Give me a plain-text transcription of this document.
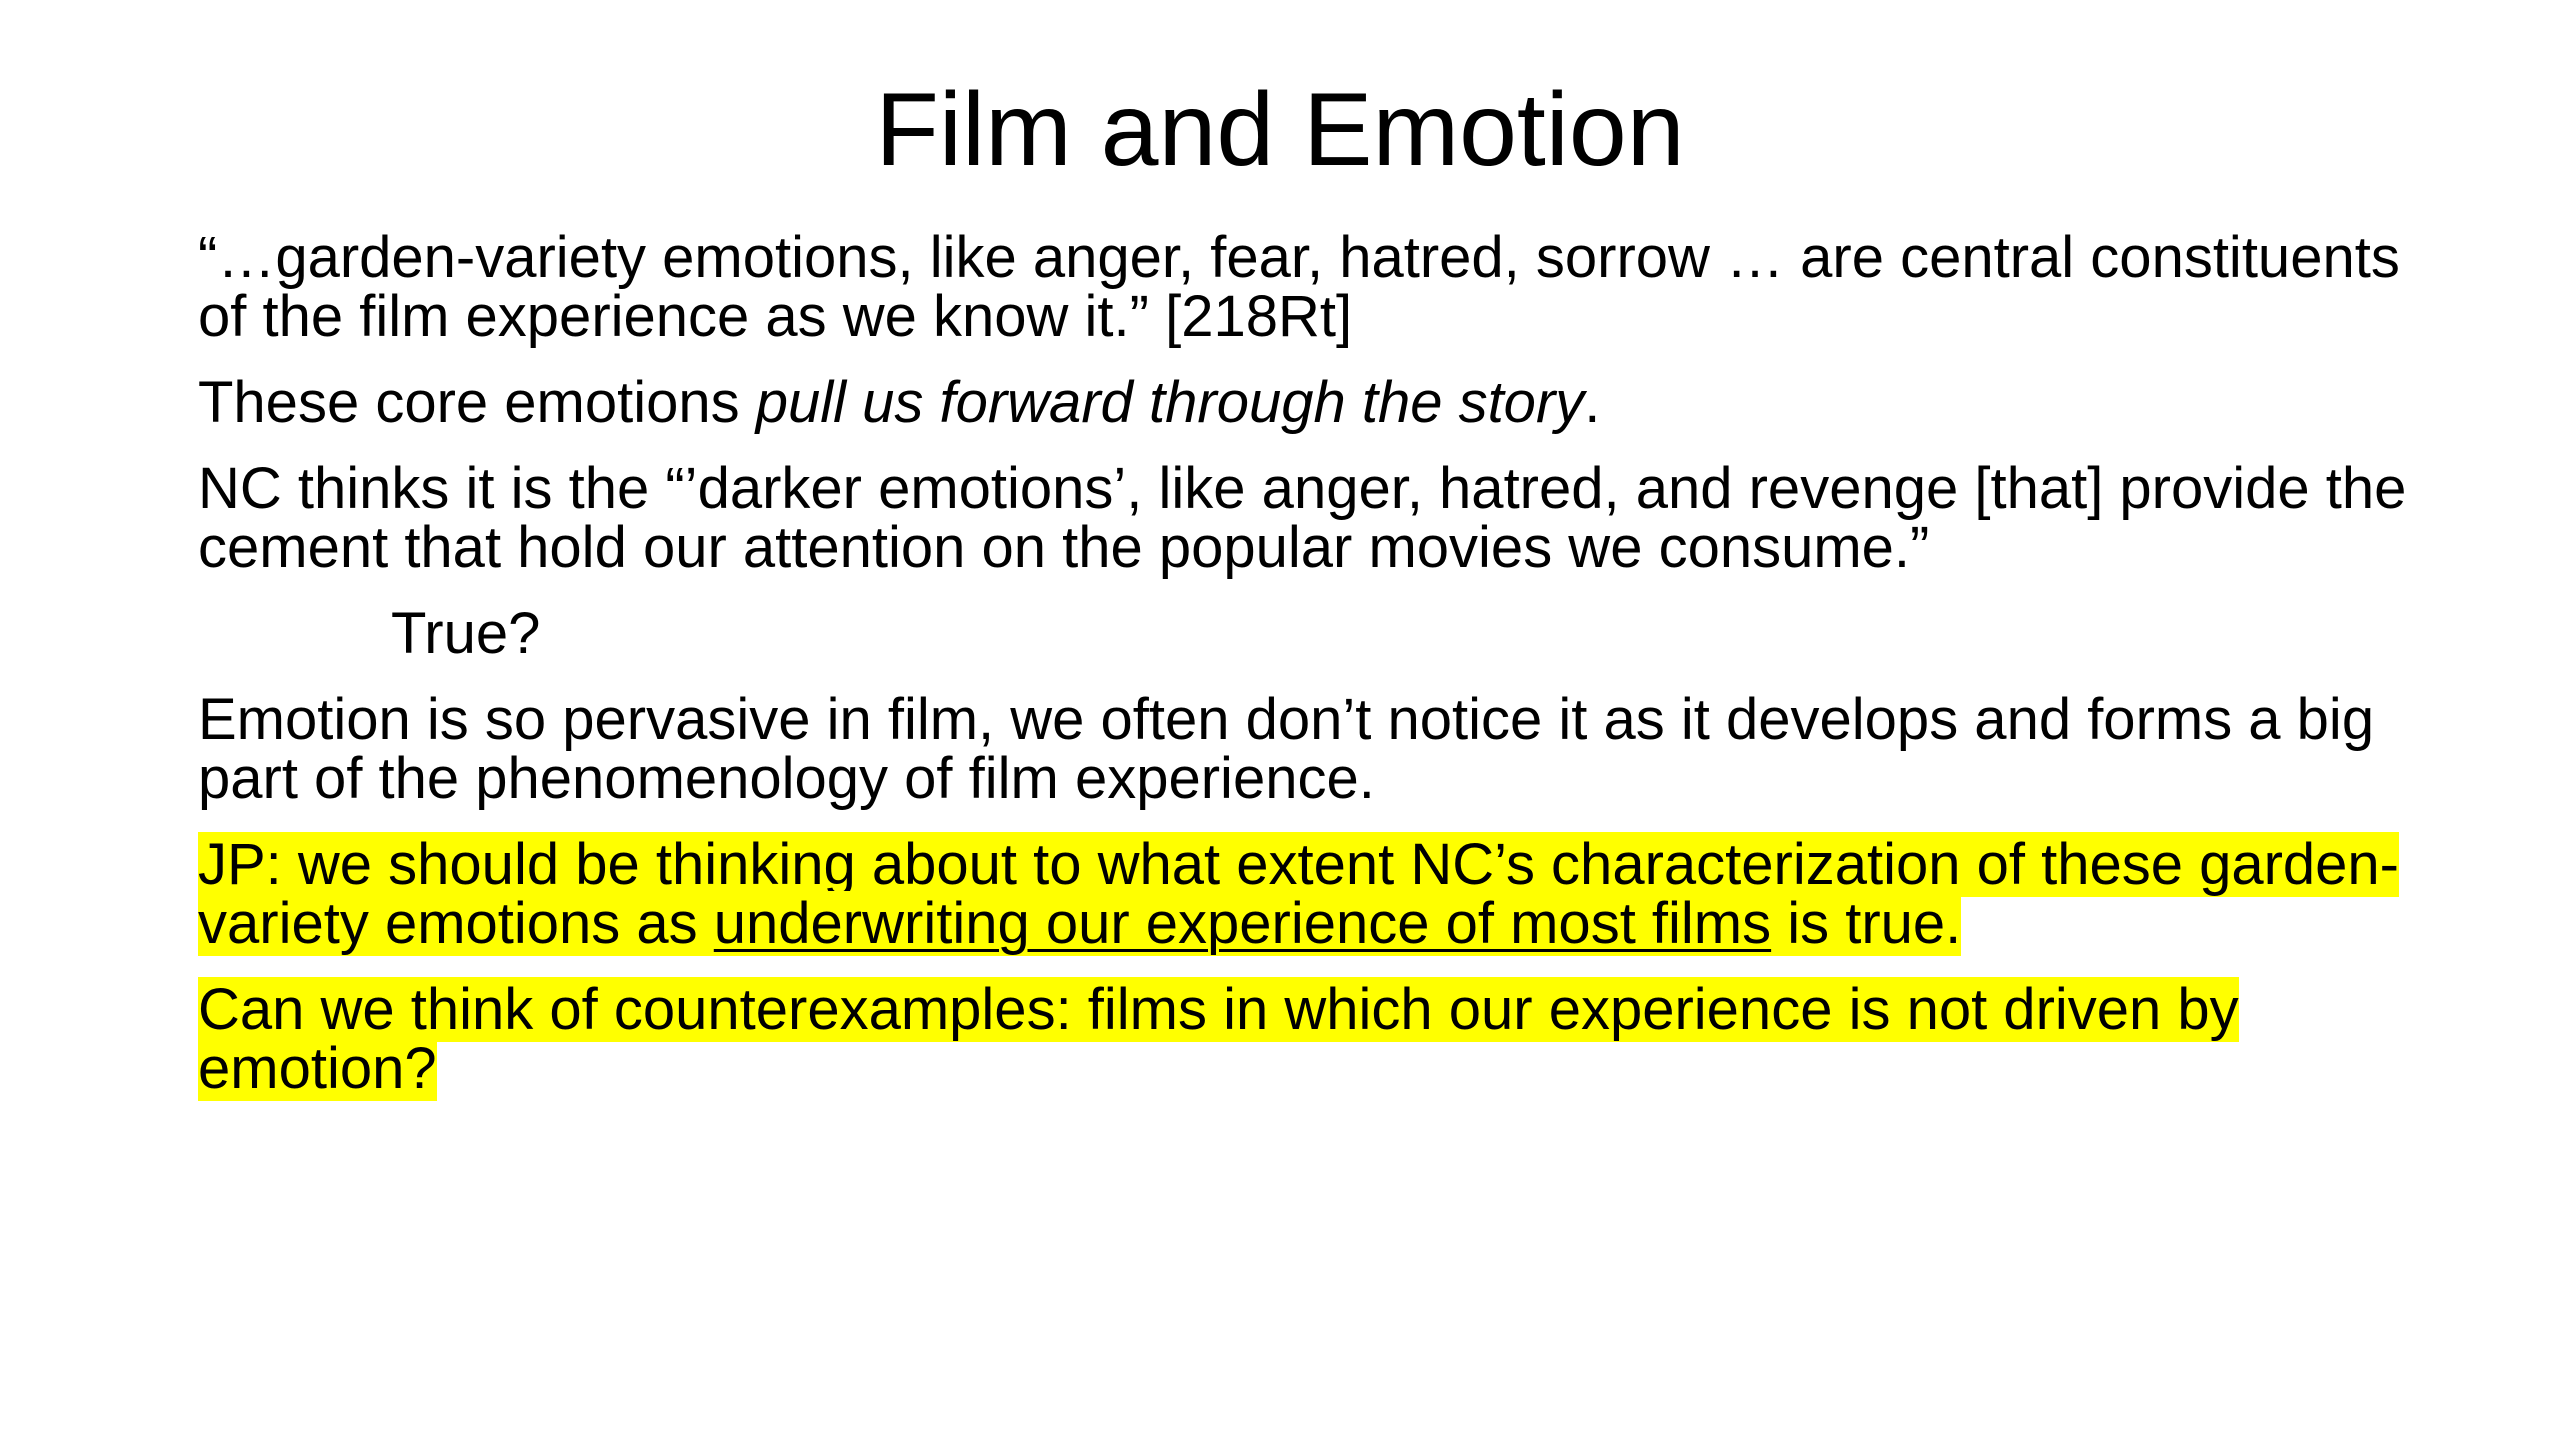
Film and Emotion

“…garden-variety emotions, like anger, fear, hatred, sorrow … are central constituents of the film experience as we know it.” [218Rt]

These core emotions pull us forward through the story.

NC thinks it is the “’darker emotions’, like anger, hatred, and revenge [that] provide the cement that hold our attention on the popular movies we consume.”

True?

Emotion is so pervasive in film, we often don’t notice it as it develops and forms a big part of the phenomenology of film experience.

JP: we should be thinking about to what extent NC’s characterization of these garden-variety emotions as underwriting our experience of most films is true.

Can we think of counterexamples: films in which our experience is not driven by emotion?
